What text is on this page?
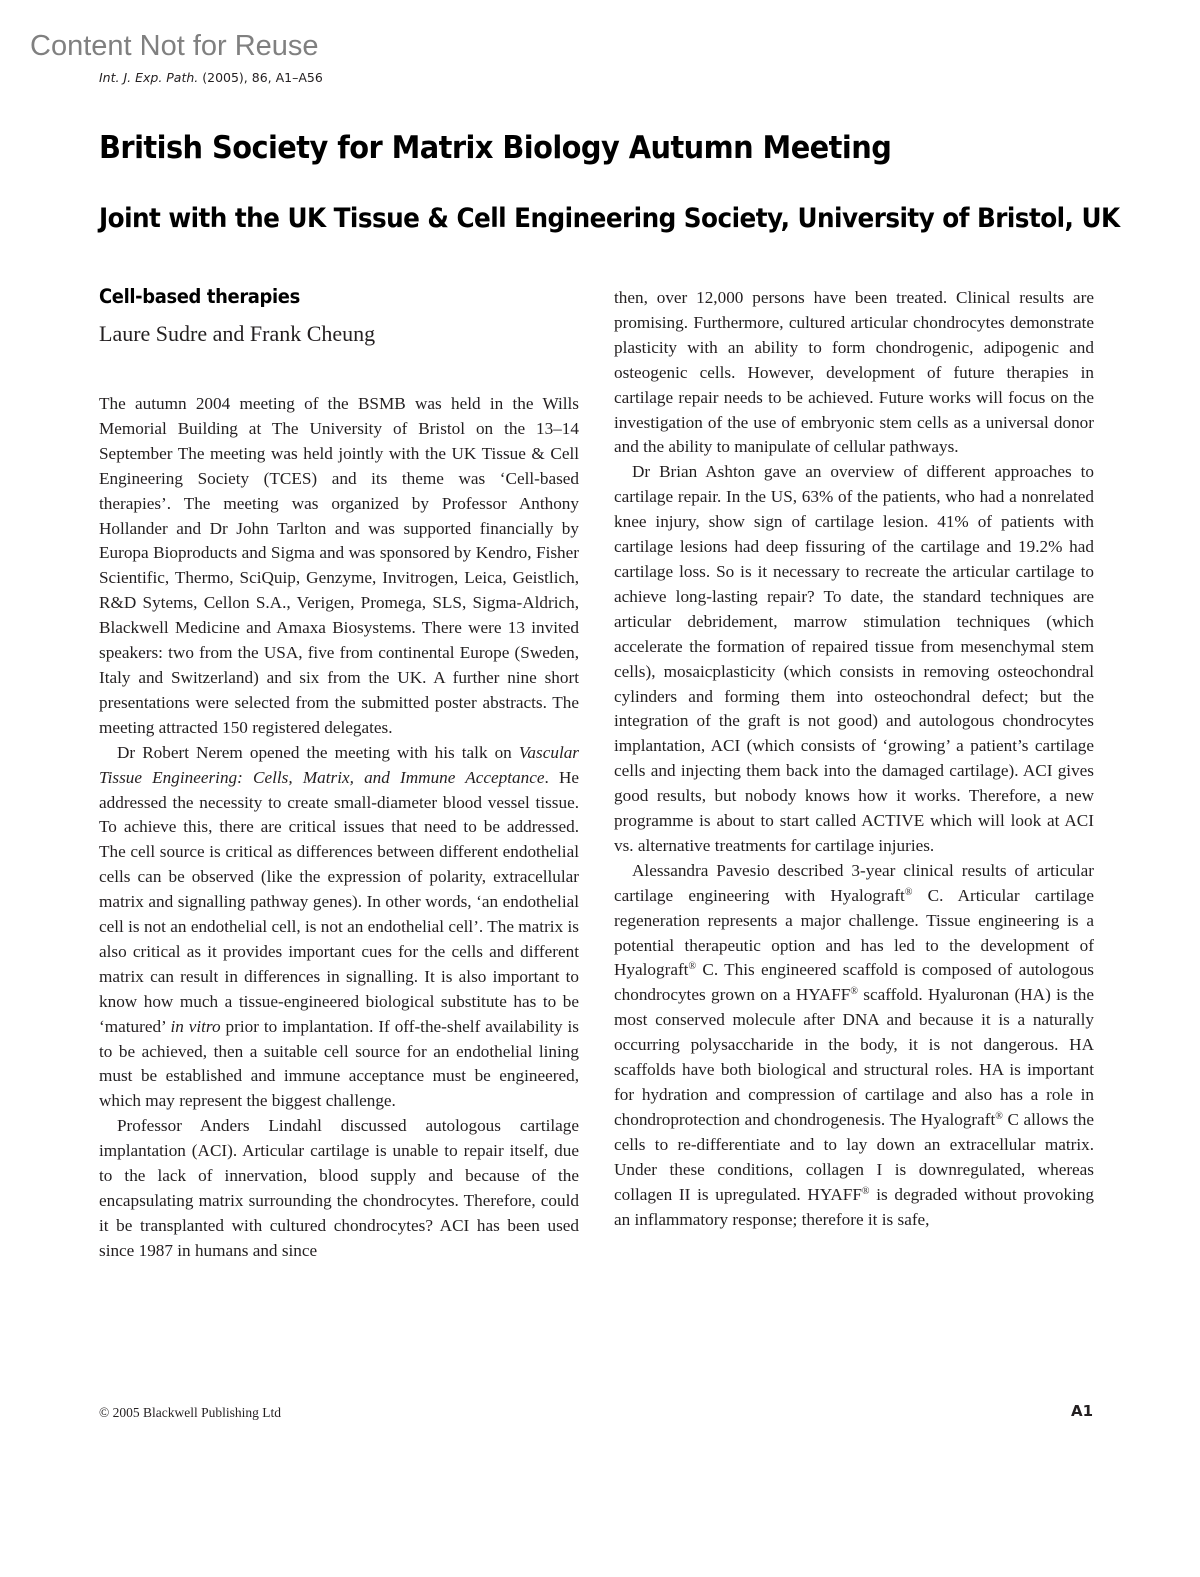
Content Not for Reuse
Int. J. Exp. Path. (2005), 86, A1–A56
British Society for Matrix Biology Autumn Meeting
Joint with the UK Tissue & Cell Engineering Society, University of Bristol, UK
Cell-based therapies
Laure Sudre and Frank Cheung

The autumn 2004 meeting of the BSMB was held in the Wills Memorial Building at The University of Bristol on the 13–14 September The meeting was held jointly with the UK Tissue & Cell Engineering Society (TCES) and its theme was ‘Cell-based therapies’. The meeting was organized by Professor Anthony Hollander and Dr John Tarlton and was supported financially by Europa Bioproducts and Sigma and was sponsored by Kendro, Fisher Scientific, Thermo, SciQuip, Genzyme, Invitrogen, Leica, Geistlich, R&D Sytems, Cellon S.A., Verigen, Promega, SLS, Sigma-Aldrich, Blackwell Medicine and Amaxa Biosystems. There were 13 invited speakers: two from the USA, five from continental Europe (Sweden, Italy and Switzerland) and six from the UK. A further nine short presentations were selected from the submitted poster abstracts. The meeting attracted 150 registered delegates.

Dr Robert Nerem opened the meeting with his talk on Vascular Tissue Engineering: Cells, Matrix, and Immune Acceptance. He addressed the necessity to create small-diameter blood vessel tissue. To achieve this, there are critical issues that need to be addressed. The cell source is critical as differences between different endothelial cells can be observed (like the expression of polarity, extracellular matrix and signalling pathway genes). In other words, ‘an endothelial cell is not an endothelial cell, is not an endothelial cell’. The matrix is also critical as it provides important cues for the cells and different matrix can result in differences in signalling. It is also important to know how much a tissue-engineered biological substitute has to be ‘matured’ in vitro prior to implantation. If off-the-shelf availability is to be achieved, then a suitable cell source for an endothelial lining must be established and immune acceptance must be engineered, which may represent the biggest challenge.

Professor Anders Lindahl discussed autologous cartilage implantation (ACI). Articular cartilage is unable to repair itself, due to the lack of innervation, blood supply and because of the encapsulating matrix surrounding the chondrocytes. Therefore, could it be transplanted with cultured chondrocytes? ACI has been used since 1987 in humans and since

then, over 12,000 persons have been treated. Clinical results are promising. Furthermore, cultured articular chondrocytes demonstrate plasticity with an ability to form chondrogenic, adipogenic and osteogenic cells. However, development of future therapies in cartilage repair needs to be achieved. Future works will focus on the investigation of the use of embryonic stem cells as a universal donor and the ability to manipulate of cellular pathways.

Dr Brian Ashton gave an overview of different approaches to cartilage repair. In the US, 63% of the patients, who had a nonrelated knee injury, show sign of cartilage lesion. 41% of patients with cartilage lesions had deep fissuring of the cartilage and 19.2% had cartilage loss. So is it necessary to recreate the articular cartilage to achieve long-lasting repair? To date, the standard techniques are articular debridement, marrow stimulation techniques (which accelerate the formation of repaired tissue from mesenchymal stem cells), mosaicplasticity (which consists in removing osteochondral cylinders and forming them into osteochondral defect; but the integration of the graft is not good) and autologous chondrocytes implantation, ACI (which consists of ‘growing’ a patient’s cartilage cells and injecting them back into the damaged cartilage). ACI gives good results, but nobody knows how it works. Therefore, a new programme is about to start called ACTIVE which will look at ACI vs. alternative treatments for cartilage injuries.

Alessandra Pavesio described 3-year clinical results of articular cartilage engineering with Hyalograft® C. Articular cartilage regeneration represents a major challenge. Tissue engineering is a potential therapeutic option and has led to the development of Hyalograft® C. This engineered scaffold is composed of autologous chondrocytes grown on a HYAFF® scaffold. Hyaluronan (HA) is the most conserved molecule after DNA and because it is a naturally occurring polysaccharide in the body, it is not dangerous. HA scaffolds have both biological and structural roles. HA is important for hydration and compression of cartilage and also has a role in chondroprotection and chondrogenesis. The Hyalograft® C allows the cells to re-differentiate and to lay down an extracellular matrix. Under these conditions, collagen I is downregulated, whereas collagen II is upregulated. HYAFF® is degraded without provoking an inflammatory response; therefore it is safe,

© 2005 Blackwell Publishing Ltd	A1
